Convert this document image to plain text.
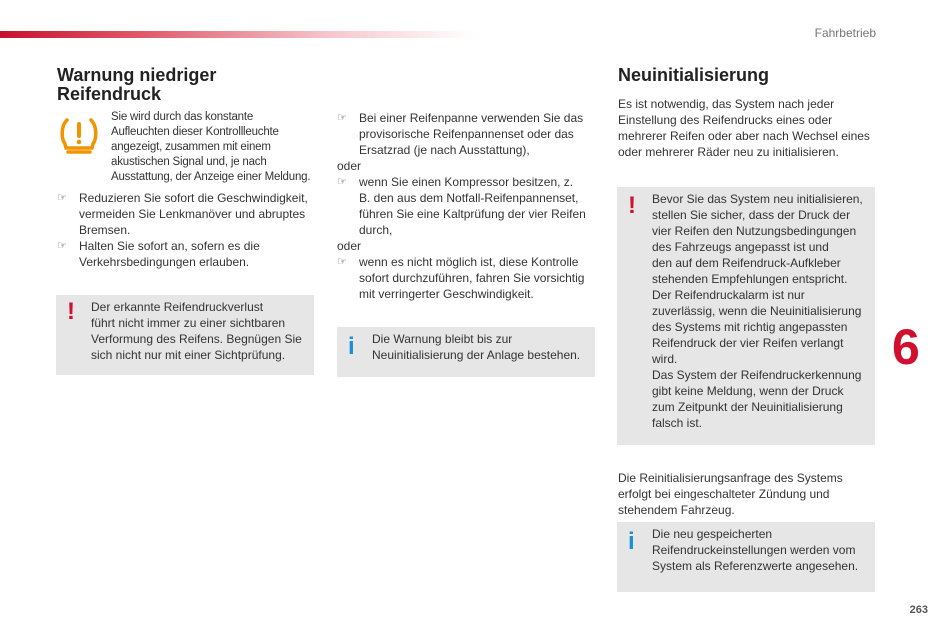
Fahrbetrieb
Warnung niedriger
Reifendruck
Sie wird durch das konstante
Aufleuchten dieser Kontrollleuchte
angezeigt, zusammen mit einem
akustischen Signal und, je nach
Ausstattung, der Anzeige einer Meldung.
☞ Reduzieren Sie sofort die Geschwindigkeit,
vermeiden Sie Lenkmanöver und abruptes
Bremsen.
☞ Halten Sie sofort an, sofern es die
Verkehrsbedingungen erlauben.
! Der erkannte Reifendruckverlust
führt nicht immer zu einer sichtbaren
Verformung des Reifens. Begnügen Sie
sich nicht nur mit einer Sichtprüfung.
☞ Bei einer Reifenpanne verwenden Sie das
provisorische Reifenpannenset oder das
Ersatzrad (je nach Ausstattung),
oder
☞ wenn Sie einen Kompressor besitzen, z.
B. den aus dem Notfall-Reifenpannenset,
führen Sie eine Kaltprüfung der vier Reifen
durch,
oder
☞ wenn es nicht möglich ist, diese Kontrolle
sofort durchzuführen, fahren Sie vorsichtig
mit verringerter Geschwindigkeit.
i Die Warnung bleibt bis zur
Neuinitialisierung der Anlage bestehen.
Neuinitialisierung
Es ist notwendig, das System nach jeder
Einstellung des Reifendrucks eines oder
mehrerer Reifen oder aber nach Wechsel eines
oder mehrerer Räder neu zu initialisieren.
! Bevor Sie das System neu initialisieren,
stellen Sie sicher, dass der Druck der
vier Reifen den Nutzungsbedingungen
des Fahrzeugs angepasst ist und
den auf dem Reifendruck-Aufkleber
stehenden Empfehlungen entspricht.
Der Reifendruckalarm ist nur
zuverlässig, wenn die Neuinitialisierung
des Systems mit richtig angepassten
Reifendruck der vier Reifen verlangt
wird.
Das System der Reifendruckerkennung
gibt keine Meldung, wenn der Druck
zum Zeitpunkt der Neuinitialisierung
falsch ist.
Die Reinitialisierungsanfrage des Systems
erfolgt bei eingeschalteter Zündung und
stehendem Fahrzeug.
i Die neu gespeicherten
Reifendruckeinstellungen werden vom
System als Referenzwerte angesehen.
6
263
